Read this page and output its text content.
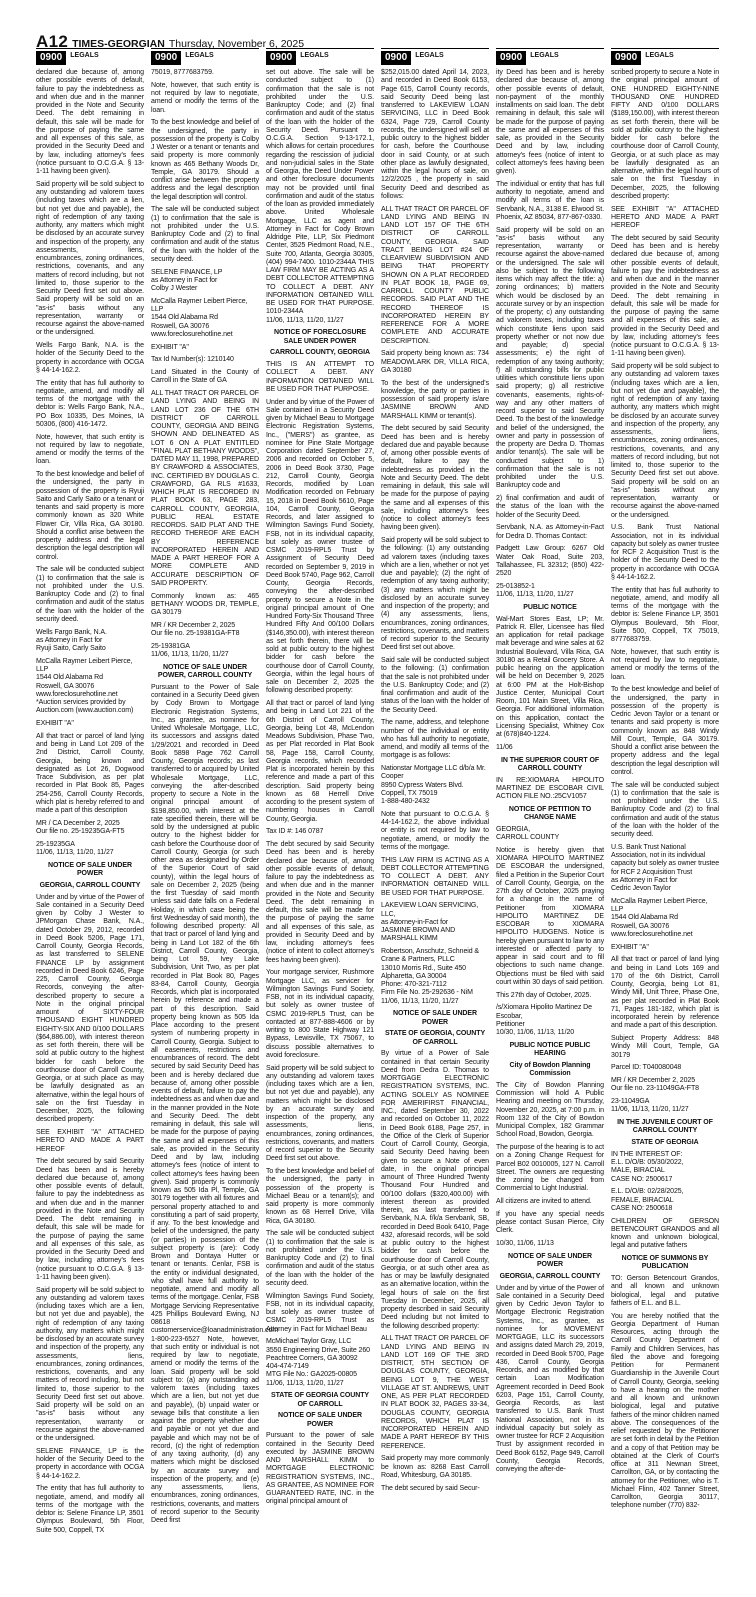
A12 TIMES-GEORGIAN Thursday, November 6, 2025
0900	LEGALS

declared due because of, among other possible events of default, failure to pay the indebtedness as and when due and in the manner provided in the Note and Security Deed. The debt remaining in default, this sale will be made for the purpose of paying the same and all expenses of this sale, as provided in the Security Deed and by law, including attorney's fees (notice pursuant to O.C.G.A. § 13-1-11 having been given).

Said property will be sold subject to any outstanding ad valorem taxes (including taxes which are a lien, but not yet due and payable), the right of redemption of any taxing authority, any matters which might be disclosed by an accurate survey and inspection of the property, any assessments, liens, encumbrances, zoning ordinances, restrictions, covenants, and any matters of record including, but not limited to, those superior to the Security Deed first set out above. Said property will be sold on an "as-is" basis without any representation, warranty or recourse against the above-named or the undersigned.

Wells Fargo Bank, N.A. is the holder of the Security Deed to the property in accordance with OCGA § 44-14-162.2.

The entity that has full authority to negotiate, amend, and modify all terms of the mortgage with the debtor is: Wells Fargo Bank, N.A., PO Box 10335, Des Moines, IA 50306, (800) 416-1472.

Note, however, that such entity is not required by law to negotiate, amend or modify the terms of the loan.

To the best knowledge and belief of the undersigned, the party in possession of the property is Ryuji Saito and Carly Saito or a tenant or tenants and said property is more commonly known as 320 White Flower Cir, Villa Rica, GA 30180. Should a conflict arise between the property address and the legal description the legal description will control.

The sale will be conducted subject (1) to confirmation that the sale is not prohibited under the U.S. Bankruptcy Code and (2) to final confirmation and audit of the status of the loan with the holder of the security deed.

Wells Fargo Bank, N.A.
as Attorney in Fact for
Ryuji Saito, Carly Saito

McCalla Raymer Leibert Pierce, LLP
1544 Old Alabama Rd
Roswell, GA 30076
www.foreclosurehotline.net
*Auction services provided by Auction.com (www.auction.com)

EXHIBIT "A"

All that tract or parcel of land lying and being in Land Lot 209 of the 2nd District, Carroll County, Georgia, being known and designated as Lot 26, Dogwood Trace Subdivision, as per plat recorded in Plat Book 85, Pages 254-256, Carroll County Records, which plat is hereby referred to and made a part of this description

MR / CA December 2, 2025
Our file no. 25-19235GA-FT5

25-19235GA
11/06, 11/13, 11/20, 11/27

NOTICE OF SALE UNDER POWER

GEORGIA, CARROLL COUNTY

Under and by virtue of the Power of Sale contained in a Security Deed given by Colby J Wester to JPMorgan Chase Bank, N.A., dated October 29, 2012, recorded in Deed Book 5206, Page 171, Carroll County, Georgia Records, as last transferred to SELENE FINANCE LP by assignment recorded in Deed Book 6246, Page 225, Carroll County, Georgia Records, conveying the after-described property to secure a Note in the original principal amount of SIXTY-FOUR THOUSAND EIGHT HUNDRED EIGHTY-SIX AND 0/100 DOLLARS ($64,886.00), with interest thereon as set forth therein, there will be sold at public outcry to the highest bidder for cash before the courthouse door of Carroll County, Georgia, or at such place as may be lawfully designated as an alternative, within the legal hours of sale on the first Tuesday in December, 2025, the following described property:

SEE EXHIBIT "A" ATTACHED HERETO AND MADE A PART HEREOF

The debt secured by said Security Deed has been and is hereby declared due because of, among other possible events of default, failure to pay the indebtedness as and when due and in the manner provided in the Note and Security Deed. The debt remaining in default, this sale will be made for the purpose of paying the same and all expenses of this sale, as provided in the Security Deed and by law, including attorney's fees (notice pursuant to O.C.G.A. § 13-1-11 having been given).

Said property will be sold subject to any outstanding ad valorem taxes (including taxes which are a lien, but not yet due and payable), the right of redemption of any taxing authority, any matters which might be disclosed by an accurate survey and inspection of the property, any assessments, liens, encumbrances, zoning ordinances, restrictions, covenants, and any matters of record including, but not limited to, those superior to the Security Deed first set out above. Said property will be sold on an "as-is" basis without any representation, warranty or recourse against the above-named or the undersigned.

SELENE FINANCE, LP is the holder of the Security Deed to the property in accordance with OCGA § 44-14-162.2.

The entity that has full authority to negotiate, amend, and modify all terms of the mortgage with the debtor is: Selene Finance LP, 3501 Olympus Boulevard, 5th Floor, Suite 500, Coppell, TX

0900	LEGALS

75019, 8777683759.

Note, however, that such entity is not required by law to negotiate, amend or modify the terms of the loan.

To the best knowledge and belief of the undersigned, the party in possession of the property is Colby J Wester or a tenant or tenants and said property is more commonly known as 465 Bethany Woods Dr, Temple, GA 30179. Should a conflict arise between the property address and the legal description the legal description will control.

The sale will be conducted subject (1) to confirmation that the sale is not prohibited under the U.S. Bankruptcy Code and (2) to final confirmation and audit of the status of the loan with the holder of the security deed.

SELENE FINANCE, LP
as Attorney in Fact for
Colby J Wester

McCalla Raymer Leibert Pierce, LLP
1544 Old Alabama Rd
Roswell, GA 30076
www.foreclosurehotline.net

EXHIBIT "A"

Tax Id Number(s): 1210140

Land Situated in the County of Carroll in the State of GA

ALL THAT TRACT OR PARCEL OF LAND LYING AND BEING IN LAND LOT 236 OF THE 6TH DISTRICT OF CARROLL COUNTY, GEORGIA AND BEING SHOWN AND DELINEATED AS LOT 6 ON A PLAT ENTITLED "FINAL PLAT BETHANY WOODS", DATED MAY 11, 1998, PREPARED BY CRAWFORD & ASSOCIATES, INC. CERTIFIED BY DOUGLAS C. CRAWFORD, GA RLS #1633, WHICH PLAT IS RECORDED IN PLAT BOOK 63, PAGE 283, CARROLL COUNTY, GEORGIA, PUBLIC REAL ESTATE RECORDS. SAID PLAT AND THE RECORD THEREOF ARE EACH BY REFERENCE INCORPORATED HEREIN AND MADE A PART HEREOF FOR A MORE COMPLETE AND ACCURATE DESCRIPTION OF SAID PROPERTY.

Commonly known as: 465 BETHANY WOODS DR, TEMPLE, GA 30179

MR / KR December 2, 2025
Our file no. 25-19381GA-FT8

25-19381GA
11/06, 11/13, 11/20, 11/27

NOTICE OF SALE UNDER POWER, CARROLL COUNTY

Pursuant to the Power of Sale contained in a Security Deed given by Cody Brown to Mortgage Electronic Registration Systems, Inc., as grantee, as nominee for United Wholesale Mortgage, LLC, its successors and assigns dated 1/29/2021 and recorded in Deed Book 5898 Page 762 Carroll County, Georgia records; as last transferred to or acquired by United Wholesale Mortgage, LLC, conveying the after-described property to secure a Note in the original principal amount of $198,850.00, with interest at the rate specified therein, there will be sold by the undersigned at public outcry to the highest bidder for cash before the Courthouse door of Carroll County, Georgia (or such other area as designated by Order of the Superior Court of said county), within the legal hours of sale on December 2, 2025 (being the first Tuesday of said month unless said date falls on a Federal Holiday, in which case being the first Wednesday of said month), the following described property: All that tract or parcel of land lying and being in Land Lot 182 of the 6th District, Carroll County, Georgia, being Lot 59, Ivey Lake Subdivision, Unit Two, as per plat recorded in Plat Book 80, Pages 83-84, Carroll County, Georgia Records, which plat is incorporated herein by reference and made a part of this description. Said property being known as 505 Ida Place according to the present system of numbering property in Carroll County, Georgia. Subject to all easements, restrictions and encumbrances of record. The debt secured by said Security Deed has been and is hereby declared due because of, among other possible events of default, failure to pay the indebtedness as and when due and in the manner provided in the Note and Security Deed. The debt remaining in default, this sale will be made for the purpose of paying the same and all expenses of this sale, as provided in the Security Deed and by law, including attorney's fees (notice of intent to collect attorney's fees having been given). Said property is commonly known as 505 Ida Pl, Temple, GA 30179 together with all fixtures and personal property attached to and constituting a part of said property, if any. To the best knowledge and belief of the undersigned, the party (or parties) in possession of the subject property is (are): Cody Brown and Dontaya Hutter or tenant or tenants. Cenlar, FSB is the entity or individual designated, who shall have full authority to negotiate, amend and modify all terms of the mortgage. Cenlar, FSB Mortgage Servicing Representative 425 Phillips Boulevard Ewing, NJ 08618 customerservice@loanadministration.com 1-800-223-6527 Note, however, that such entity or individual is not required by law to negotiate, amend or modify the terms of the loan. Said property will be sold subject to: (a) any outstanding ad valorem taxes (including taxes which are a lien, but not yet due and payable), (b) unpaid water or sewage bills that constitute a lien against the property whether due and payable or not yet due and payable and which may not be of record, (c) the right of redemption of any taxing authority, (d) any matters which might be disclosed by an accurate survey and inspection of the property, and (e) any assessments, liens, encumbrances, zoning ordinances, restrictions, covenants, and matters of record superior to the Security Deed first

0900	LEGALS

set out above. The sale will be conducted subject to (1) confirmation that the sale is not prohibited under the U.S. Bankruptcy Code; and (2) final confirmation and audit of the status of the loan with the holder of the Security Deed. Pursuant to O.C.G.A. Section 9-13-172.1, which allows for certain procedures regarding the rescission of judicial and non-judicial sales in the State of Georgia, the Deed Under Power and other foreclosure documents may not be provided until final confirmation and audit of the status of the loan as provided immediately above. United Wholesale Mortgage, LLC as agent and Attorney in Fact for Cody Brown Aldridge Pite, LLP, Six Piedmont Center, 3525 Piedmont Road, N.E., Suite 700, Atlanta, Georgia 30305, (404) 994-7400. 1010-2344A THIS LAW FIRM MAY BE ACTING AS A DEBT COLLECTOR ATTEMPTING TO COLLECT A DEBT. ANY INFORMATION OBTAINED WILL BE USED FOR THAT PURPOSE. 1010-2344A
11/06, 11/13, 11/20, 11/27

NOTICE OF FORECLOSURE SALE UNDER POWER

CARROLL COUNTY, GEORGIA

THIS IS AN ATTEMPT TO COLLECT A DEBT. ANY INFORMATION OBTAINED WILL BE USED FOR THAT PURPOSE.

Under and by virtue of the Power of Sale contained in a Security Deed given by Michael Beau to Mortgage Electronic Registration Systems, Inc., ("MERS") as grantee, as nominee for Pine State Mortgage Corporation dated September 27, 2006 and recorded on October 5, 2006 in Deed Book 3730, Page 212, Carroll County, Georgia Records, modified by Loan Modification recorded on February 15, 2018 in Deed Book 5610, Page 104, Carroll County, Georgia Records, and later assigned to Wilmington Savings Fund Society, FSB, not in its individual capacity, but solely as owner trustee of CSMC 2019-RPL5 Trust by Assignment of Security Deed recorded on September 9, 2019 in Deed Book 5740, Page 962, Carroll County, Georgia Records, conveying the after-described property to secure a Note in the original principal amount of One Hundred Forty-Six Thousand Three Hundred Fifty And 00/100 Dollars ($146,350.00), with interest thereon as set forth therein, there will be sold at public outcry to the highest bidder for cash before the courthouse door of Carroll County, Georgia, within the legal hours of sale on December 2, 2025 the following described property:

All that tract or parcel of land lying and being in Land Lot 221 of the 6th District of Carroll County, Georgia, being Lot 48, McLendon Meadows Subdivision, Phase Two, as per Plat recorded in Plat Book 58, Page 158, Carroll County, Georgia records, which recorded Plat is incorporated herein by this reference and made a part of this description. Said property being known as 68 Herrell Drive according to the present system of numbering houses in Carroll County, Georgia.

Tax ID #: 146 0787

The debt secured by said Security Deed has been and is hereby declared due because of, among other possible events of default, failure to pay the indebtedness as and when due and in the manner provided in the Note and Security Deed. The debt remaining in default, this sale will be made for the purpose of paying the same and all expenses of this sale, as provided in Security Deed and by law, including attorney's fees (notice of intent to collect attorney's fees having been given).

Your mortgage servicer, Rushmore Mortgage LLC, as servicer for Wilmington Savings Fund Society, FSB, not in its individual capacity, but solely as owner trustee of CSMC 2019-RPL5 Trust, can be contacted at 877-888-4606 or by writing to 800 State Highway 121 Bypass, Lewisville, TX 75067, to discuss possible alternatives to avoid foreclosure.

Said property will be sold subject to any outstanding ad valorem taxes (including taxes which are a lien, but not yet due and payable), any matters which might be disclosed by an accurate survey and inspection of the property, any assessments, liens, encumbrances, zoning ordinances, restrictions, covenants, and matters of record superior to the Security Deed first set out above.

To the best knowledge and belief of the undersigned, the party in possession of the property is Michael Beau or a tenant(s); and said property is more commonly known as 68 Herrell Drive, Villa Rica, GA 30180.

The sale will be conducted subject (1) to confirmation that the sale is not prohibited under the U.S. Bankruptcy Code and (2) to final confirmation and audit of the status of the loan with the holder of the security deed.

Wilmington Savings Fund Society, FSB, not in its individual capacity, but solely as owner trustee of CSMC 2019-RPL5 Trust as Attorney in Fact for Michael Beau

McMichael Taylor Gray, LLC
3550 Engineering Drive, Suite 260
Peachtree Corners, GA 30092
404-474-7149
MTG File No.: GA2025-00805
11/06, 11/13, 11/20, 11/27

STATE OF GEORGIA COUNTY OF CARROLL

NOTICE OF SALE UNDER POWER

Pursuant to the power of sale contained in the Security Deed executed by JASMINE BROWN AND MARSHALL KIMM to MORTGAGE ELECTRONIC REGISTRATION SYSTEMS, INC., AS GRANTEE, AS NOMINEE FOR GUARANTEED RATE, INC. in the original principal amount of

0900	LEGALS

$252,015.00 dated April 14, 2023, and recorded in Deed Book 6153, Page 615, Carroll County records, said Security Deed being last transferred to LAKEVIEW LOAN SERVICING, LLC in Deed Book 6324, Page 729, Carroll County records, the undersigned will sell at public outcry to the highest bidder for cash, before the Courthouse door in said County, or at such other place as lawfully designated, within the legal hours of sale, on 12/2/2025 , the property in said Security Deed and described as follows:

ALL THAT TRACT OR PARCEL OF LAND LYING AND BEING IN LAND LOT 157 OF THE 6TH DISTRICT OF CARROLL COUNTY, GEORGIA. SAID TRACT BEING LOT #24 OF CLEARVIEW SUBDIVISION AND BEING THAT PROPERTY SHOWN ON A PLAT RECORDED IN PLAT BOOK 18, PAGE 69, CARROLL COUNTY PUBLIC RECORDS. SAID PLAT AND THE RECORD THEREOF IS INCORPORATED HEREIN BY REFERENCE FOR A MORE COMPLETE AND ACCURATE DESCRIPTION.

Said property being known as: 734 MEADOWLARK DR, VILLA RICA, GA 30180

To the best of the undersigned's knowledge, the party or parties in possession of said property is/are JASMINE BROWN AND MARSHALL KIMM or tenant(s).

The debt secured by said Security Deed has been and is hereby declared due and payable because of, among other possible events of default, failure to pay the indebtedness as provided in the Note and Security Deed. The debt remaining in default, this sale will be made for the purpose of paying the same and all expenses of this sale, including attorney's fees (notice to collect attorney's fees having been given).

Said property will be sold subject to the following: (1) any outstanding ad valorem taxes (including taxes which are a lien, whether or not yet due and payable); (2) the right of redemption of any taxing authority; (3) any matters which might be disclosed by an accurate survey and inspection of the property; and (4) any assessments, liens, encumbrances, zoning ordinances, restrictions, covenants, and matters of record superior to the Security Deed first set out above.

Said sale will be conducted subject to the following: (1) confirmation that the sale is not prohibited under the U.S. Bankruptcy Code; and (2) final confirmation and audit of the status of the loan with the holder of the Security Deed.

The name, address, and telephone number of the individual or entity who has full authority to negotiate, amend, and modify all terms of the mortgage is as follows:

Nationstar Mortgage LLC d/b/a Mr. Cooper
8950 Cypress Waters Blvd.
Coppell, TX 75019
1-888-480-2432

Note that pursuant to O.C.G.A. § 44-14-162.2, the above individual or entity is not required by law to negotiate, amend, or modify the terms of the mortgage.

THIS LAW FIRM IS ACTING AS A DEBT COLLECTOR ATTEMPTING TO COLLECT A DEBT. ANY INFORMATION OBTAINED WILL BE USED FOR THAT PURPOSE.

LAKEVIEW LOAN SERVICING, LLC,
as Attorney-in-Fact for
JASMINE BROWN AND MARSHALL KIMM

Robertson, Anschutz, Schneid & Crane & Partners, PLLC
13010 Morris Rd., Suite 450
Alpharetta, GA 30004
Phone: 470-321-7112
Firm File No. 25-292636 - NiM
11/06, 11/13, 11/20, 11/27

NOTICE OF SALE UNDER POWER

STATE OF GEORGIA, COUNTY OF CARROLL

By virtue of a Power of Sale contained in that certain Security Deed from Dedra D. Thomas to MORTGAGE ELECTRONIC REGISTRATION SYSTEMS, INC. ACTING SOLELY AS NOMINEE FOR AMERIFIRST FINANCIAL, INC., dated September 30, 2022 and recorded on October 11, 2022 in Deed Book 6188, Page 257, in the Office of the Clerk of Superior Court of Carroll County, Georgia, said Security Deed having been given to secure a Note of even date, in the original principal amount of Three Hundred Twenty Thousand Four Hundred and 00/100 dollars ($320,400.00) with interest thereon as provided therein, as last transferred to Servbank, N.A. f/k/a Servbank, SB, recorded in Deed Book 6410, Page 432, aforesaid records, will be sold at public outcry to the highest bidder for cash before the courthouse door of Carroll County, Georgia, or at such other area as has or may be lawfully designated as an alternative location, within the legal hours of sale on the first Tuesday in December, 2025, all property described in said Security Deed including but not limited to the following described property:

ALL THAT TRACT OR PARCEL OF LAND LYING AND BEING IN LAND LOT 169 OF THE 3RD DISTRICT, 5TH SECTION OF DOUGLAS COUNTY, GEORGIA, BEING LOT 9, THE WEST VILLAGE AT ST. ANDREWS, UNIT ONE, AS PER PLAT RECORDED IN PLAT BOOK 32, PAGES 33-34, DOUGLAS COUNTY, GEORGIA RECORDS, WHICH PLAT IS INCORPORATED HEREIN AND MADE A PART HEREOF BY THIS REFERENCE.

Said property may more commonly be known as: 8268 East Carroll Road, Whitesburg, GA 30185.

The debt secured by said Secur-

0900	LEGALS

ity Deed has been and is hereby declared due because of, among other possible events of default, non-payment of the monthly installments on said loan. The debt remaining in default, this sale will be made for the purpose of paying the same and all expenses of this sale, as provided in the Security Deed and by law, including attorney's fees (notice of intent to collect attorney's fees having been given).

The individual or entity that has full authority to negotiate, amend and modify all terms of the loan is Servbank, N.A., 3138 E. Elwood St. Phoenix, AZ 85034, 877-867-0330.

Said property will be sold on an "as-is" basis without any representation, warranty or recourse against the above-named or the undersigned. The sale will also be subject to the following items which may affect the title: a) zoning ordinances; b) matters which would be disclosed by an accurate survey or by an inspection of the property; c) any outstanding ad valorem taxes, including taxes which constitute liens upon said property whether or not now due and payable; d) special assessments; e) the right of redemption of any taxing authority; f) all outstanding bills for public utilities which constitute liens upon said property; g) all restrictive covenants, easements, rights-of-way and any other matters of record superior to said Security Deed. To the best of the knowledge and belief of the undersigned, the owner and party in possession of the property are Dedra D. Thomas and/or tenant(s). The sale will be conducted subject to 1) confirmation that the sale is not prohibited under the U.S. Bankruptcy code and

2) final confirmation and audit of the status of the loan with the holder of the Security Deed.

Servbank, N.A. as Attorney-in-Fact for Dedra D. Thomas Contact:

Padgett Law Group: 6267 Old Water Oak Road, Suite 203, Tallahassee, FL 32312; (850) 422-2520

25-013852-1
11/06, 11/13, 11/20, 11/27

PUBLIC NOTICE

Wal-Mart Stores East, LP; Mr. Patrick R. Eller, Licensee has filed an application for retail package malt beverage and wine sales at 62 Industrial Boulevard, Villa Rica, GA 30180 as a Retail Grocery Store. A public hearing on the application will be held on December 9, 2025 at 6:00 PM at the Holt-Bishop Justice Center, Municipal Court Room, 101 Main Street, Villa Rica, Georgia. For additional information on this application, contact the Licensing Specialist, Whitney Cox at (678)840-1224.

11/06

IN THE SUPERIOR COURT OF CARROLL COUNTY

IN RE:XIOMARA HIPOLITO MARTINEZ DE ESCOBAR CIVIL ACTION FILE NO.:25CV1057

NOTICE OF PETITION TO CHANGE NAME

GEORGIA,
CARROLL COUNTY

Notice is hereby given that XIOMARA HIPOLITO MARTINEZ DE ESCOBAR the undersigned, filed a Petition in the Superior Court of Carroll County, Georgia, on the 27th day of October, 2025 praying for a change in the name of Petitioner from XIOMARA HIPOLITO MARTINEZ DE ESCOBAR to XIOMARA HIPOLITO HUDGENS. Notice is hereby given pursuant to law to any interested or affected party to appear in said court and to fill objections to such name change. Objections must be filed with said court within 30 days of said petition.

This 27th day of October, 2025.

/s/Xiomara Hipolito Martinez De Escobar,
Petitioner
10/30, 11/06, 11/13, 11/20

PUBLIC NOTICE PUBLIC HEARING

City of Bowdon Planning Commission

The City of Bowdon Planning Commission will hold A Public Hearing and meeting on Thursday, November 20, 2025, at 7:00 p.m. in Room 132 of the City of Bowdon Municipal Complex, 182 Grammar School Road, Bowdon, Georgia.

The purpose of the hearing is to act on a Zoning Change Request for Parcel B02 0010005, 127 N. Carroll Street. The owners are requesting the zoning be changed from Commercial to Light Industrial.

All citizens are invited to attend.

If you have any special needs please contact Susan Pierce, City Clerk.

10/30, 11/06, 11/13

NOTICE OF SALE UNDER POWER

GEORGIA, CARROLL COUNTY

Under and by virtue of the Power of Sale contained in a Security Deed given by Cedric Jevon Taylor to Mortgage Electronic Registration Systems, Inc., as grantee, as nominee for MOVEMENT MORTGAGE, LLC its successors and assigns dated March 29, 2019, recorded in Deed Book 5700, Page 436, Carroll County, Georgia Records, and as modified by that certain Loan Modification Agreement recorded in Deed Book 6203, Page 151, Carroll County, Georgia Records, as last transferred to U.S. Bank Trust National Association, not in its individual capacity but solely as owner trustee for RCF 2 Acquisition Trust by assignment recorded in Deed Book 6152, Page 949, Carroll County, Georgia Records, conveying the after-de-

0900	LEGALS

scribed property to secure a Note in the original principal amount of ONE HUNDRED EIGHTY-NINE THOUSAND ONE HUNDRED FIFTY AND 0/100 DOLLARS ($189,150.00), with interest thereon as set forth therein, there will be sold at public outcry to the highest bidder for cash before the courthouse door of Carroll County, Georgia, or at such place as may be lawfully designated as an alternative, within the legal hours of sale on the first Tuesday in December, 2025, the following described property:

SEE EXHIBIT "A" ATTACHED HERETO AND MADE A PART HEREOF

The debt secured by said Security Deed has been and is hereby declared due because of, among other possible events of default, failure to pay the indebtedness as and when due and in the manner provided in the Note and Security Deed. The debt remaining in default, this sale will be made for the purpose of paying the same and all expenses of this sale, as provided in the Security Deed and by law, including attorney's fees (notice pursuant to O.C.G.A. § 13-1-11 having been given).

Said property will be sold subject to any outstanding ad valorem taxes (including taxes which are a lien, but not yet due and payable), the right of redemption of any taxing authority, any matters which might be disclosed by an accurate survey and inspection of the property, any assessments, liens, encumbrances, zoning ordinances, restrictions, covenants, and any matters of record including, but not limited to, those superior to the Security Deed first set out above. Said property will be sold on an "as-is" basis without any representation, warranty or recourse against the above-named or the undersigned.

U.S. Bank Trust National Association, not in its individual capacity but solely as owner trustee for RCF 2 Acquisition Trust is the holder of the Security Deed to the property in accordance with OCGA § 44-14-162.2.

The entity that has full authority to negotiate, amend, and modify all terms of the mortgage with the debtor is: Selene Finance LP, 3501 Olympus Boulevard, 5th Floor, Suite 500, Coppell, TX 75019, 8777683759.

Note, however, that such entity is not required by law to negotiate, amend or modify the terms of the loan.

To the best knowledge and belief of the undersigned, the party in possession of the property is Cedric Jevon Taylor or a tenant or tenants and said property is more commonly known as 848 Windy Mill Court, Temple, GA 30179. Should a conflict arise between the property address and the legal description the legal description will control.

The sale will be conducted subject (1) to confirmation that the sale is not prohibited under the U.S. Bankruptcy Code and (2) to final confirmation and audit of the status of the loan with the holder of the security deed.

U.S. Bank Trust National Association, not in its individual capacity but solely as owner trustee for RCF 2 Acquisition Trust
as Attorney in Fact for
Cedric Jevon Taylor

McCalla Raymer Leibert Pierce, LLP
1544 Old Alabama Rd
Roswell, GA 30076
www.foreclosurehotline.net

EXHIBIT "A"

All that tract or parcel of land lying and being in Land Lots 169 and 170 of the 6th District, Carroll County, Georgia, being Lot 81, Windy Mill, Unit Three, Phase One, as per plat recorded in Plat Book 71, Pages 181-182, which plat is incorporated herein by reference and made a part of this description.

Subject Property Address: 848 Windy Mill Court, Temple, GA 30179

Parcel ID: T040080048

MR / KR December 2, 2025
Our file no. 23-11049GA-FT8

23-11049GA
11/06, 11/13, 11/20, 11/27

IN THE JUVENILE COURT OF CARROLL COUNTY

STATE OF GEORGIA

IN THE INTEREST OF:
E.L. D/O/B: 05/30/2022,
MALE, BIRACIAL
CASE NO: 2500617

E.L. D/O/B: 02/28/2025,
FEMALE, BIRACIAL
CASE NO: 2500618

CHILDREN OF GERSON BETENCOURT GRANDOS and all known and unknown biological, legal and putative fathers

NOTICE OF SUMMONS BY PUBLICATION

TO: Gerson Betencourt Grandos, and all known and unknown biological, legal and putative fathers of E.L. and B.L.

You are hereby notified that the Georgia Department of Human Resources, acting through the Carroll County Department of Family and Children Services, has filed the above and foregoing Petition for Permanent Guardianship in the Juvenile Court of Carroll County, Georgia, seeking to have a hearing on the mother and all known and unknown biological, legal and putative fathers of the minor children named above. The consequences of the relief requested by the Petitioner are set forth in detail by the Petition and a copy of that Petition may be obtained at the Clerk of Court's office at 311 Newnan Street, Carrollton, GA, or by contacting the attorney for the Petitioner, who is T. Michael Flinn, 402 Tanner Street, Carrollton, Georgia 30117, telephone number (770) 832-
